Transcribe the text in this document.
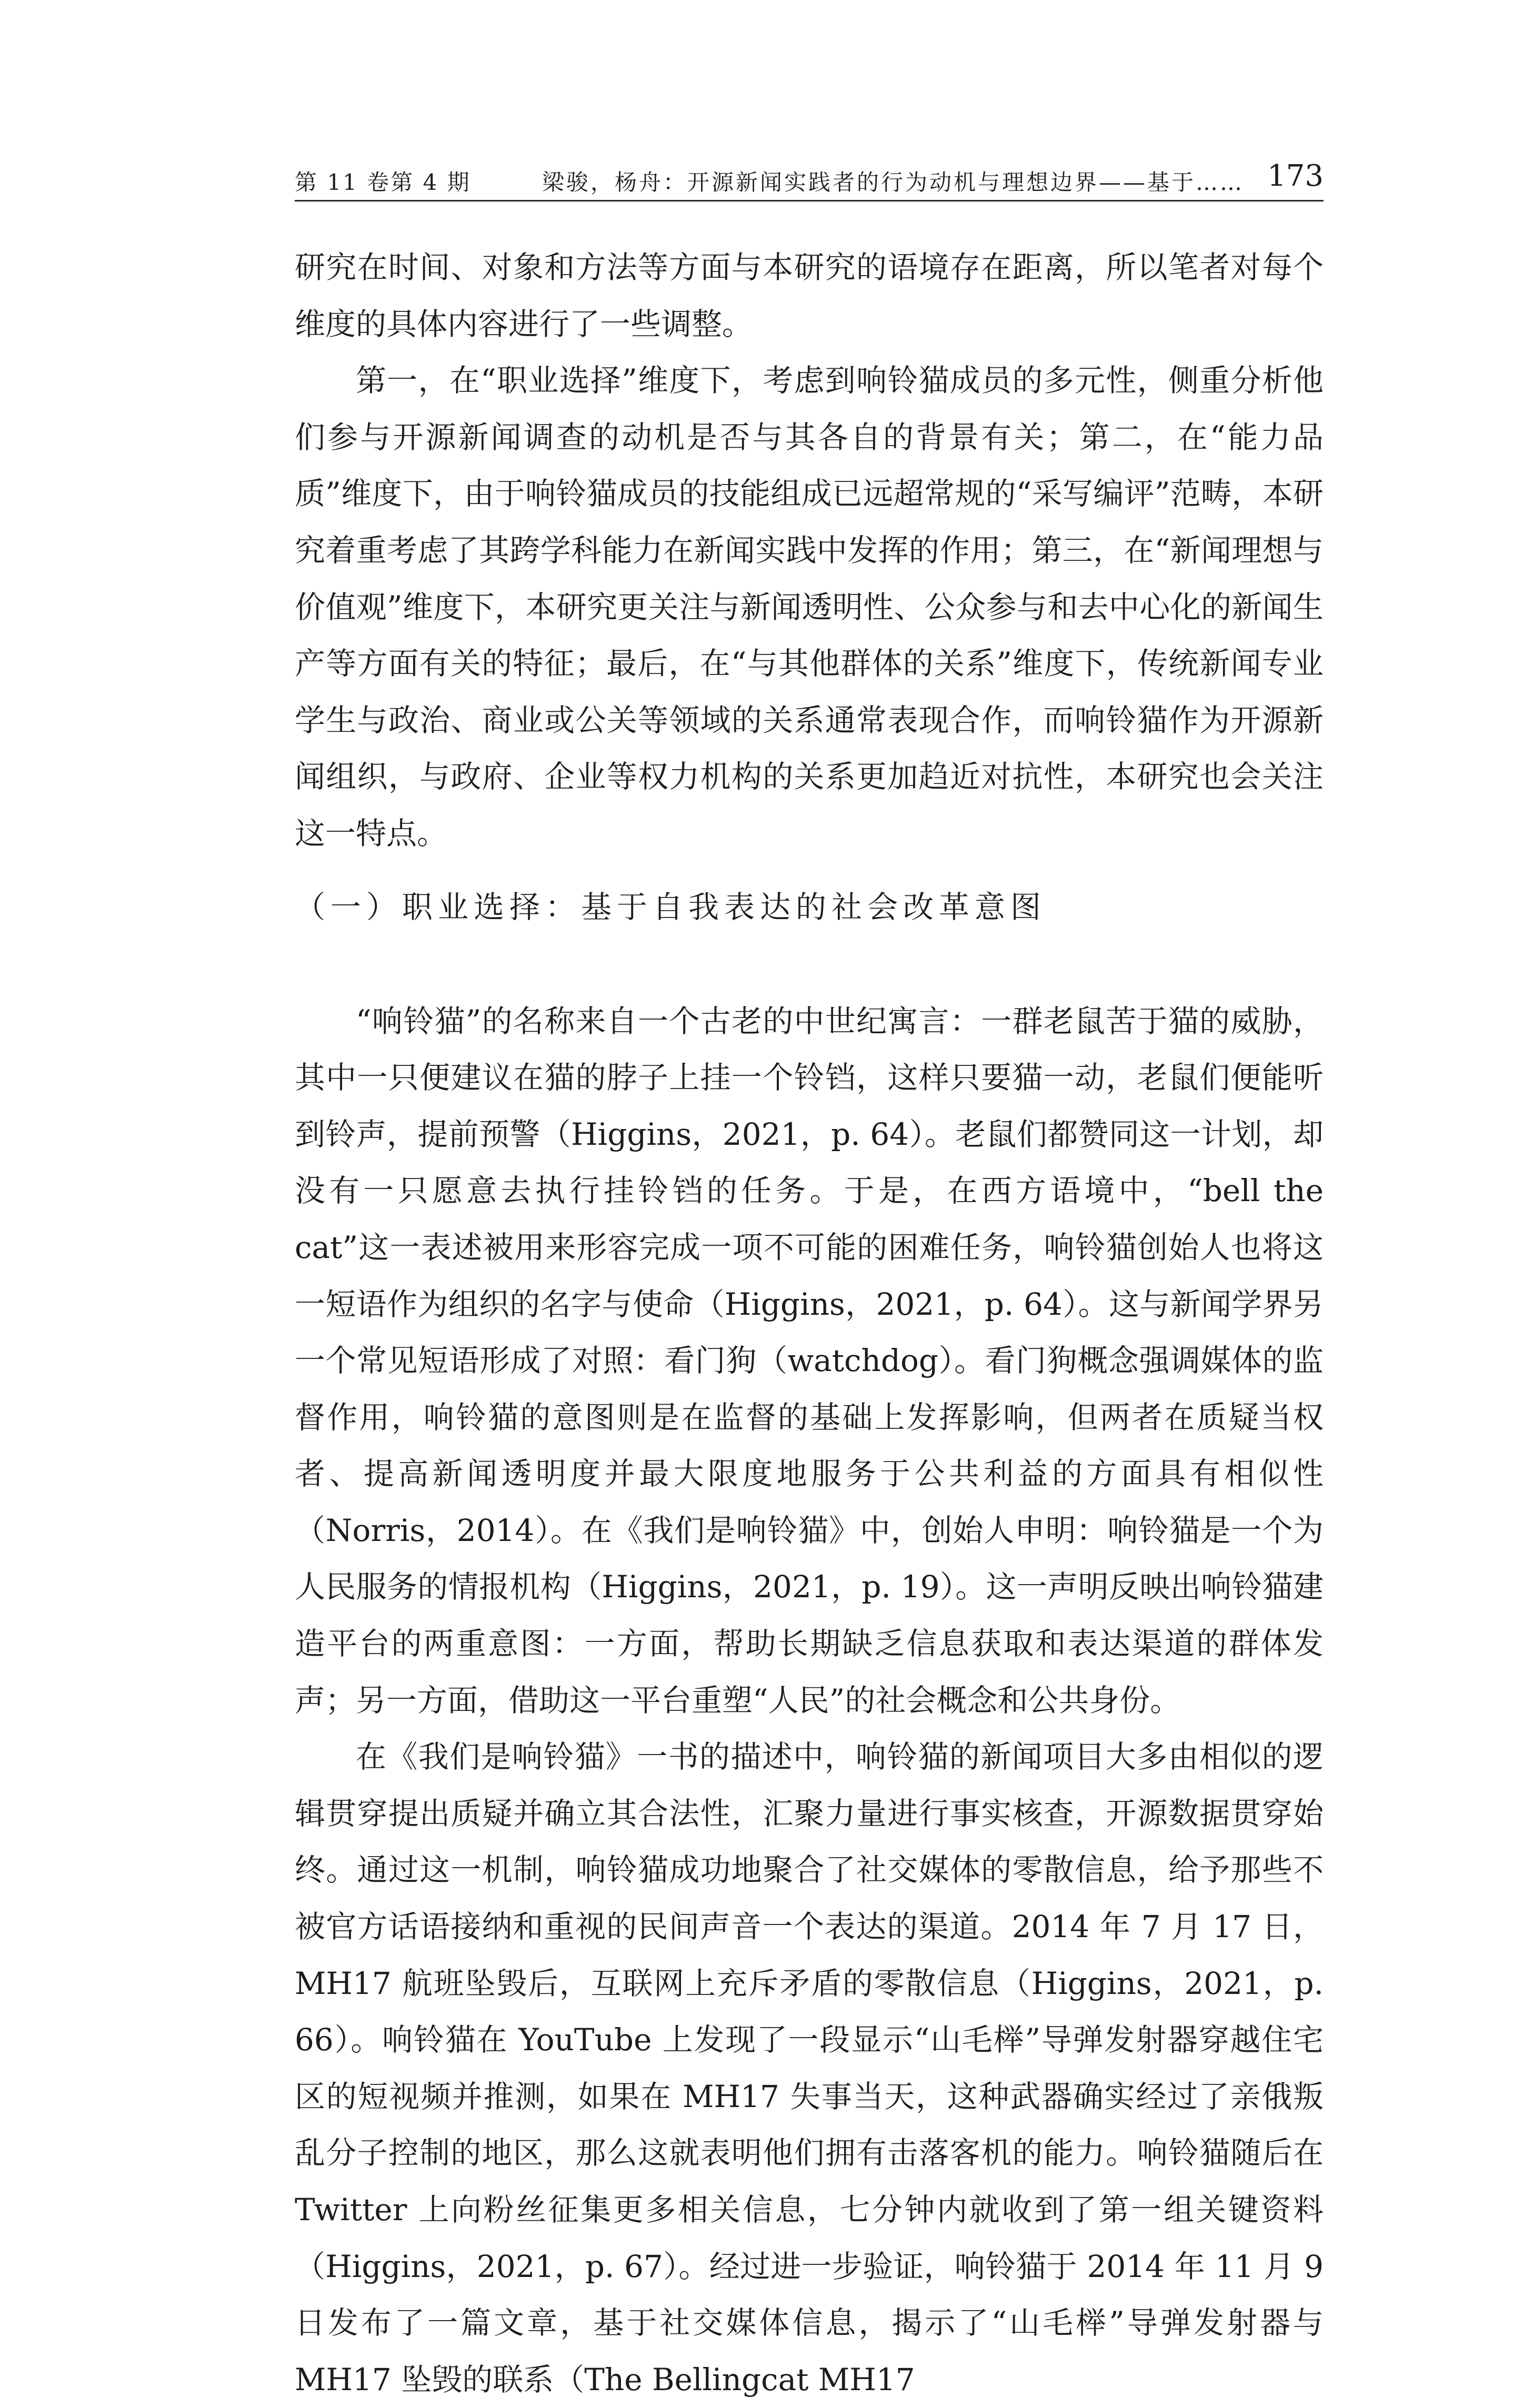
第 11 卷第 4 期	梁骏，杨舟：开源新闻实践者的行为动机与理想边界——基于…… 173

研究在时间、对象和方法等方面与本研究的语境存在距离，所以笔者对每个维度的具体内容进行了一些调整。

第一，在“职业选择”维度下，考虑到响铃猫成员的多元性，侧重分析他们参与开源新闻调查的动机是否与其各自的背景有关；第二，在“能力品质”维度下，由于响铃猫成员的技能组成已远超常规的“采写编评”范畴，本研究着重考虑了其跨学科能力在新闻实践中发挥的作用；第三，在“新闻理想与价值观”维度下，本研究更关注与新闻透明性、公众参与和去中心化的新闻生产等方面有关的特征；最后，在“与其他群体的关系”维度下，传统新闻专业学生与政治、商业或公关等领域的关系通常表现合作，而响铃猫作为开源新闻组织，与政府、企业等权力机构的关系更加趋近对抗性，本研究也会关注这一特点。

（一）职业选择：基于自我表达的社会改革意图

“响铃猫”的名称来自一个古老的中世纪寓言：一群老鼠苦于猫的威胁，其中一只便建议在猫的脖子上挂一个铃铛，这样只要猫一动，老鼠们便能听到铃声，提前预警（Higgins，2021，p. 64）。老鼠们都赞同这一计划，却没有一只愿意去执行挂铃铛的任务。于是，在西方语境中，“bell the cat”这一表述被用来形容完成一项不可能的困难任务，响铃猫创始人也将这一短语作为组织的名字与使命（Higgins，2021，p. 64）。这与新闻学界另一个常见短语形成了对照：看门狗（watchdog）。看门狗概念强调媒体的监督作用，响铃猫的意图则是在监督的基础上发挥影响，但两者在质疑当权者、提高新闻透明度并最大限度地服务于公共利益的方面具有相似性（Norris，2014）。在《我们是响铃猫》中，创始人申明：响铃猫是一个为人民服务的情报机构（Higgins，2021，p. 19）。这一声明反映出响铃猫建造平台的两重意图：一方面，帮助长期缺乏信息获取和表达渠道的群体发声；另一方面，借助这一平台重塑“人民”的社会概念和公共身份。

在《我们是响铃猫》一书的描述中，响铃猫的新闻项目大多由相似的逻辑贯穿提出质疑并确立其合法性，汇聚力量进行事实核查，开源数据贯穿始终。通过这一机制，响铃猫成功地聚合了社交媒体的零散信息，给予那些不被官方话语接纳和重视的民间声音一个表达的渠道。2014 年 7 月 17 日，MH17 航班坠毁后，互联网上充斥矛盾的零散信息（Higgins，2021，p. 66）。响铃猫在 YouTube 上发现了一段显示“山毛榉”导弹发射器穿越住宅区的短视频并推测，如果在 MH17 失事当天，这种武器确实经过了亲俄叛乱分子控制的地区，那么这就表明他们拥有击落客机的能力。响铃猫随后在 Twitter 上向粉丝征集更多相关信息，七分钟内就收到了第一组关键资料（Higgins，2021，p. 67）。经过进一步验证，响铃猫于 2014 年 11 月 9 日发布了一篇文章，基于社交媒体信息，揭示了“山毛榉”导弹发射器与 MH17 坠毁的联系（The Bellingcat MH17
